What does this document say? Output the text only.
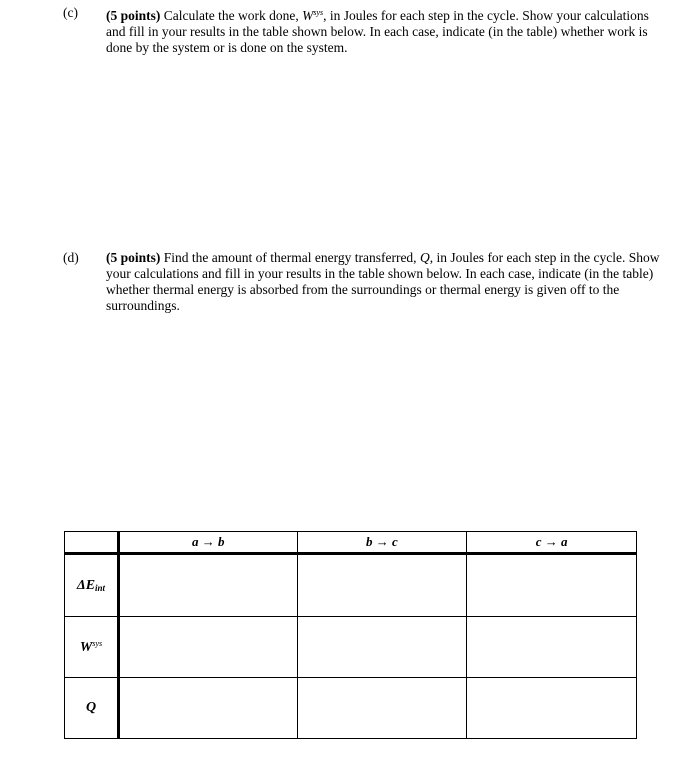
(c) (5 points) Calculate the work done, $W^{sys}$, in Joules for each step in the cycle. Show your calculations and fill in your results in the table shown below. In each case, indicate (in the table) whether work is done by the system or is done on the system.
(d) (5 points) Find the amount of thermal energy transferred, Q, in Joules for each step in the cycle. Show your calculations and fill in your results in the table shown below. In each case, indicate (in the table) whether thermal energy is absorbed from the surroundings or thermal energy is given off to the surroundings.
	a → b	b → c	c → a
$\Delta E_{int}$			
$W^{sys}$			
Q			
